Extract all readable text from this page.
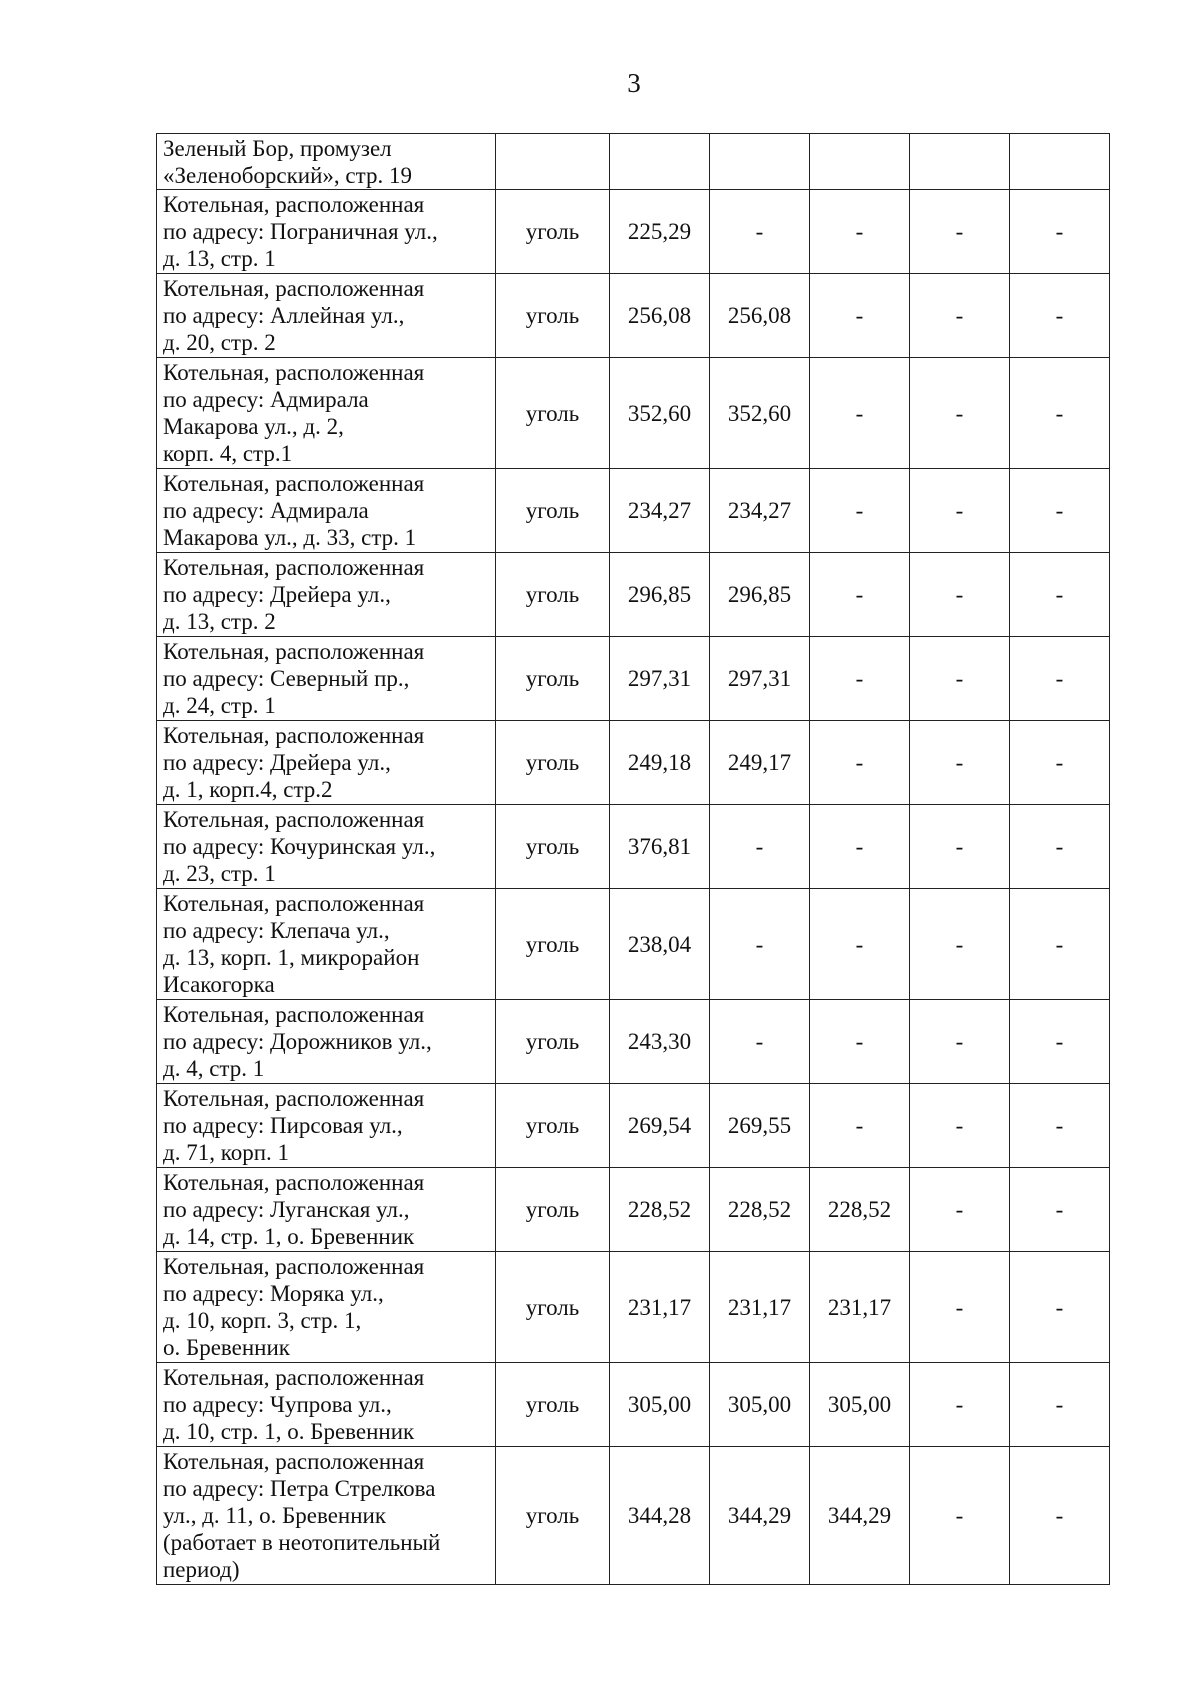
3
Зеленый Бор, промузел
«Зеленоборский», стр. 19						
Котельная, расположенная
по адресу: Пограничная ул.,
д. 13, стр. 1	уголь	225,29	-	-	-	-
Котельная, расположенная
по адресу: Аллейная ул.,
д. 20, стр. 2	уголь	256,08	256,08	-	-	-
Котельная, расположенная
по адресу: Адмирала
Макарова ул., д. 2,
корп. 4, стр.1	уголь	352,60	352,60	-	-	-
Котельная, расположенная
по адресу: Адмирала
Макарова ул., д. 33, стр. 1	уголь	234,27	234,27	-	-	-
Котельная, расположенная
по адресу: Дрейера ул.,
д. 13, стр. 2	уголь	296,85	296,85	-	-	-
Котельная, расположенная
по адресу: Северный пр.,
д. 24, стр. 1	уголь	297,31	297,31	-	-	-
Котельная, расположенная
по адресу: Дрейера ул.,
д. 1, корп.4, стр.2	уголь	249,18	249,17	-	-	-
Котельная, расположенная
по адресу: Кочуринская ул.,
д. 23, стр. 1	уголь	376,81	-	-	-	-
Котельная, расположенная
по адресу: Клепача ул.,
д. 13, корп. 1, микрорайон
Исакогорка	уголь	238,04	-	-	-	-
Котельная, расположенная
по адресу: Дорожников ул.,
д. 4, стр. 1	уголь	243,30	-	-	-	-
Котельная, расположенная
по адресу: Пирсовая ул.,
д. 71, корп. 1	уголь	269,54	269,55	-	-	-
Котельная, расположенная
по адресу: Луганская ул.,
д. 14, стр. 1, о. Бревенник	уголь	228,52	228,52	228,52	-	-
Котельная, расположенная
по адресу: Моряка ул.,
д. 10, корп. 3, стр. 1,
о. Бревенник	уголь	231,17	231,17	231,17	-	-
Котельная, расположенная
по адресу: Чупрова ул.,
д. 10, стр. 1, о. Бревенник	уголь	305,00	305,00	305,00	-	-
Котельная, расположенная
по адресу: Петра Стрелкова
ул., д. 11, о. Бревенник
(работает в неотопительный
период)	уголь	344,28	344,29	344,29	-	-
